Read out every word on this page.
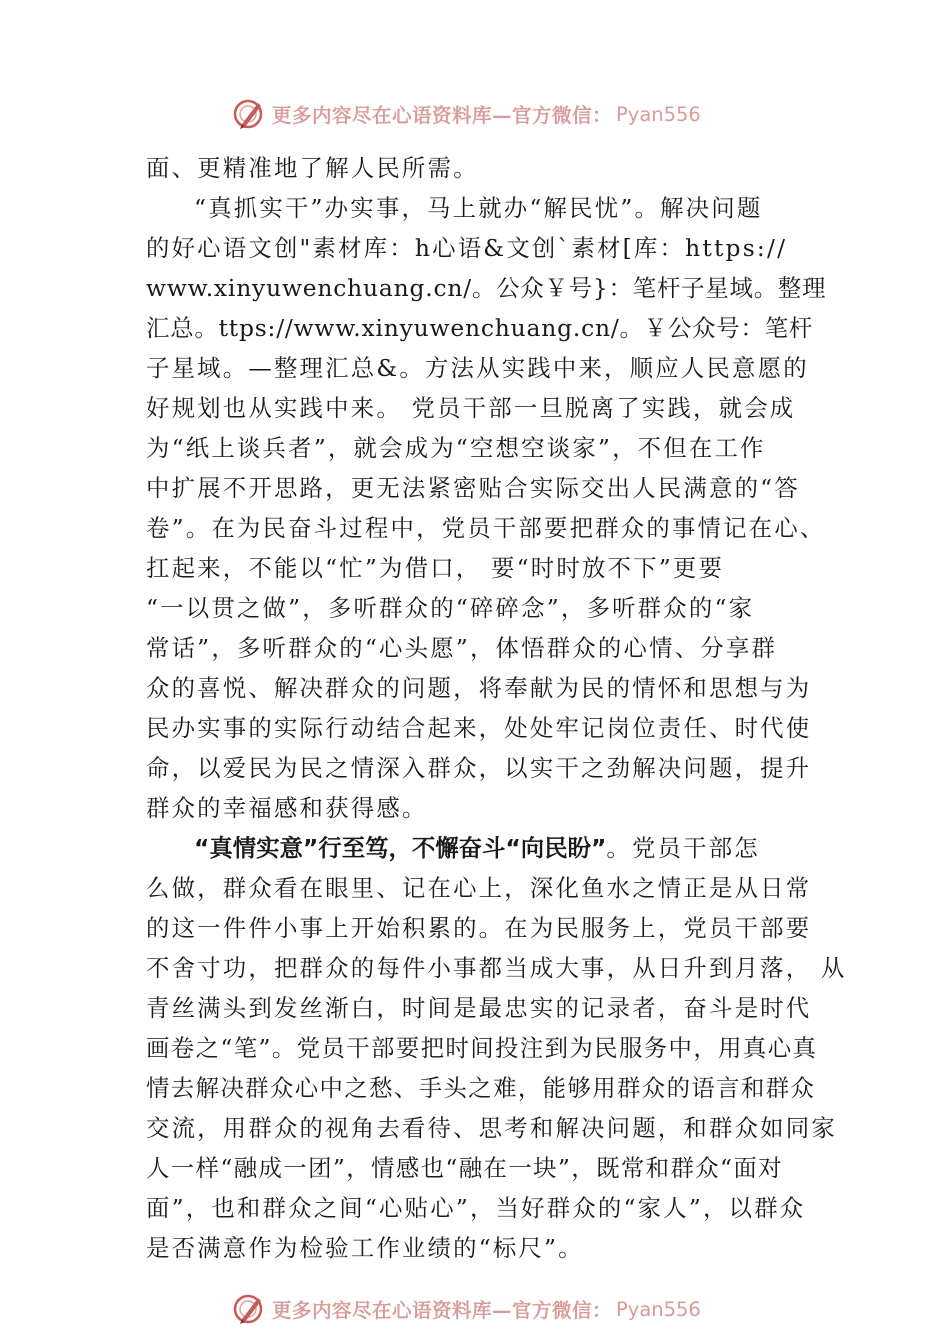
更多内容尽在心语资料库—官方微信： Pyan556
面、更精准地了解人民所需。
“真抓实干”办实事，马上就办“解民忧”。解决问题
的好心语文创"素材库：h心语&文创`素材[库：https://
www.xinyuwenchuang.cn/。公众￥号}：笔杆子星域。整理
汇总。ttps://www.xinyuwenchuang.cn/。￥公众号：笔杆
子星域。—整理汇总&。方法从实践中来，顺应人民意愿的
好规划也从实践中来。 党员干部一旦脱离了实践，就会成
为“纸上谈兵者”，就会成为“空想空谈家”，不但在工作
中扩展不开思路，更无法紧密贴合实际交出人民满意的“答
卷”。在为民奋斗过程中，党员干部要把群众的事情记在心、
扛起来，不能以“忙”为借口， 要“时时放不下”更要
“一以贯之做”，多听群众的“碎碎念”，多听群众的“家
常话”，多听群众的“心头愿”，体悟群众的心情、分享群
众的喜悦、解决群众的问题，将奉献为民的情怀和思想与为
民办实事的实际行动结合起来，处处牢记岗位责任、时代使
命，以爱民为民之情深入群众，以实干之劲解决问题，提升
群众的幸福感和获得感。
“真情实意”行至笃，不懈奋斗“向民盼”。党员干部怎
么做，群众看在眼里、记在心上，深化鱼水之情正是从日常
的这一件件小事上开始积累的。在为民服务上，党员干部要
不舍寸功，把群众的每件小事都当成大事，从日升到月落， 从
青丝满头到发丝渐白，时间是最忠实的记录者，奋斗是时代
画卷之“笔”。党员干部要把时间投注到为民服务中，用真心真
情去解决群众心中之愁、手头之难，能够用群众的语言和群众
交流，用群众的视角去看待、思考和解决问题，和群众如同家
人一样“融成一团”，情感也“融在一块”，既常和群众“面对
面”，也和群众之间“心贴心”，当好群众的“家人”，以群众
是否满意作为检验工作业绩的“标尺”。
更多内容尽在心语资料库—官方微信： Pyan556
